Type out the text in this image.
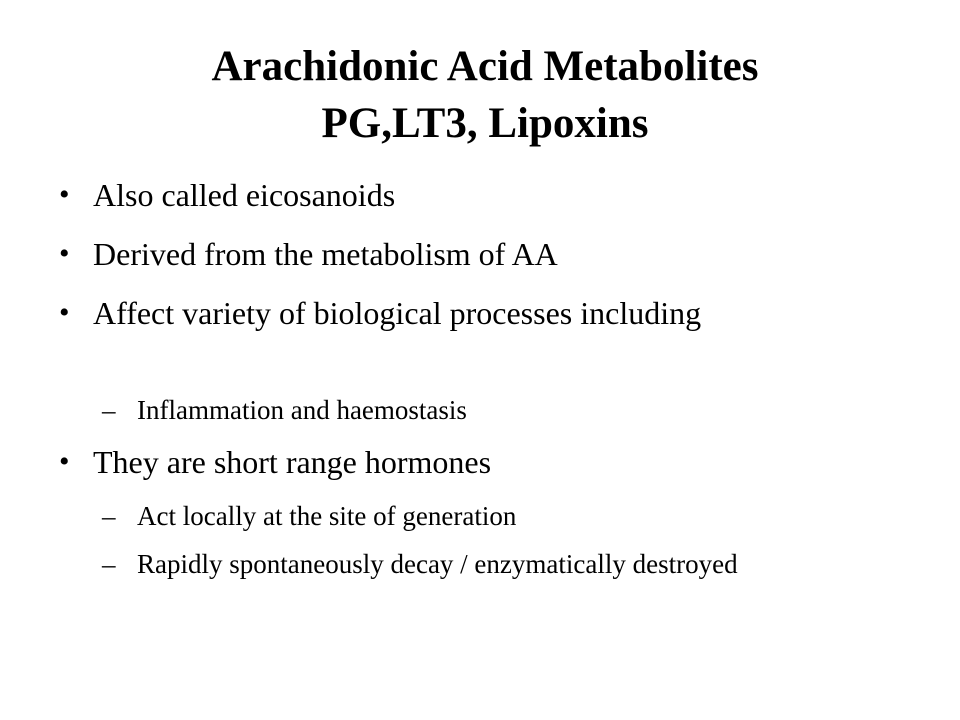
Arachidonic Acid Metabolites
PG,LT3, Lipoxins
• Also called eicosanoids
• Derived from the metabolism of AA
• Affect variety of biological processes including
– Inflammation and haemostasis
• They are short range hormones
– Act locally at the site of generation
– Rapidly spontaneously decay / enzymatically destroyed
